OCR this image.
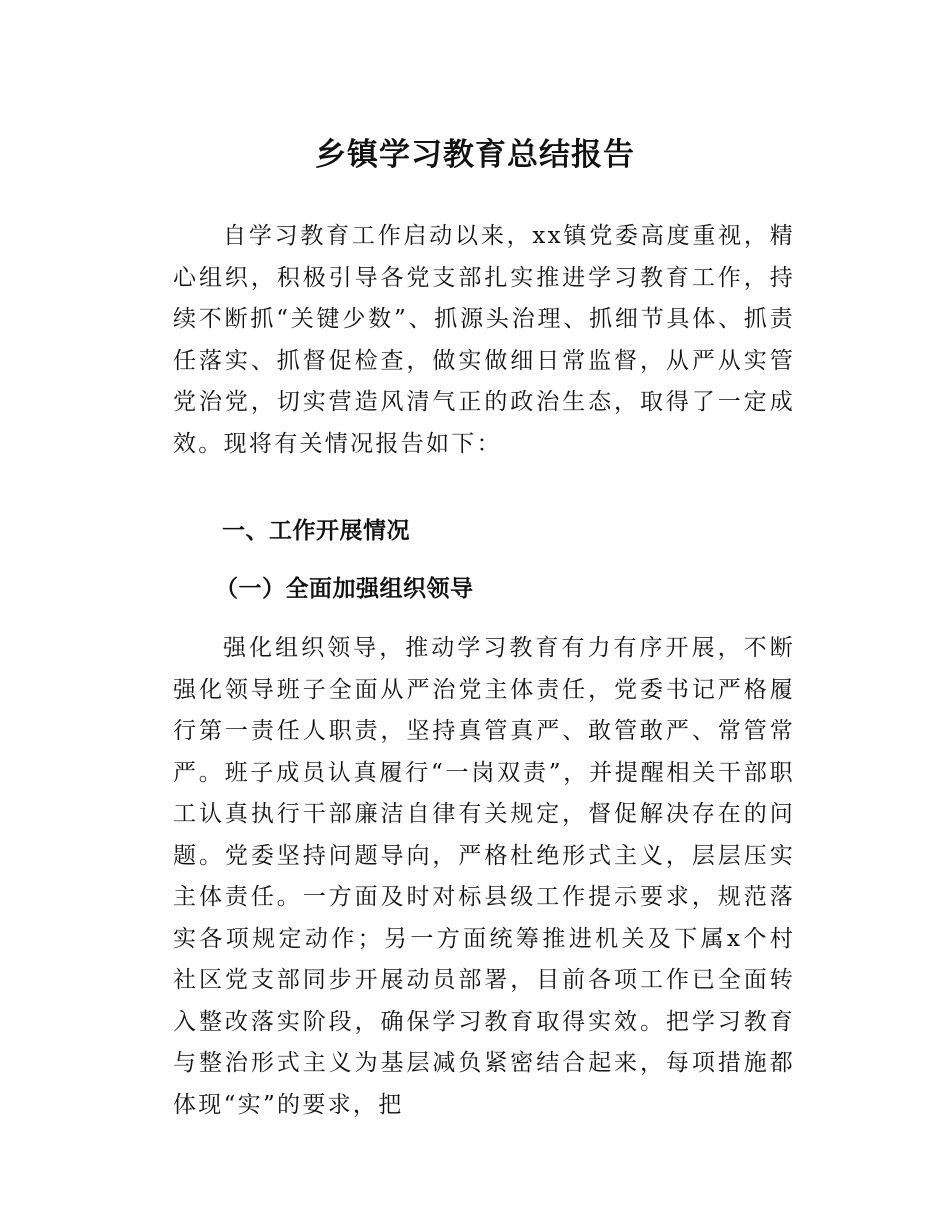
乡镇学习教育总结报告

自学习教育工作启动以来，xx镇党委高度重视，精心组织，积极引导各党支部扎实推进学习教育工作，持续不断抓“关键少数”、抓源头治理、抓细节具体、抓责任落实、抓督促检查，做实做细日常监督，从严从实管党治党，切实营造风清气正的政治生态，取得了一定成效。现将有关情况报告如下：

一、工作开展情况
（一）全面加强组织领导

强化组织领导，推动学习教育有力有序开展，不断强化领导班子全面从严治党主体责任，党委书记严格履行第一责任人职责，坚持真管真严、敢管敢严、常管常严。班子成员认真履行“一岗双责”，并提醒相关干部职工认真执行干部廉洁自律有关规定，督促解决存在的问题。党委坚持问题导向，严格杜绝形式主义，层层压实主体责任。一方面及时对标县级工作提示要求，规范落实各项规定动作；另一方面统筹推进机关及下属x个村社区党支部同步开展动员部署，目前各项工作已全面转入整改落实阶段，确保学习教育取得实效。把学习教育与整治形式主义为基层减负紧密结合起来，每项措施都体现“实”的要求，把
